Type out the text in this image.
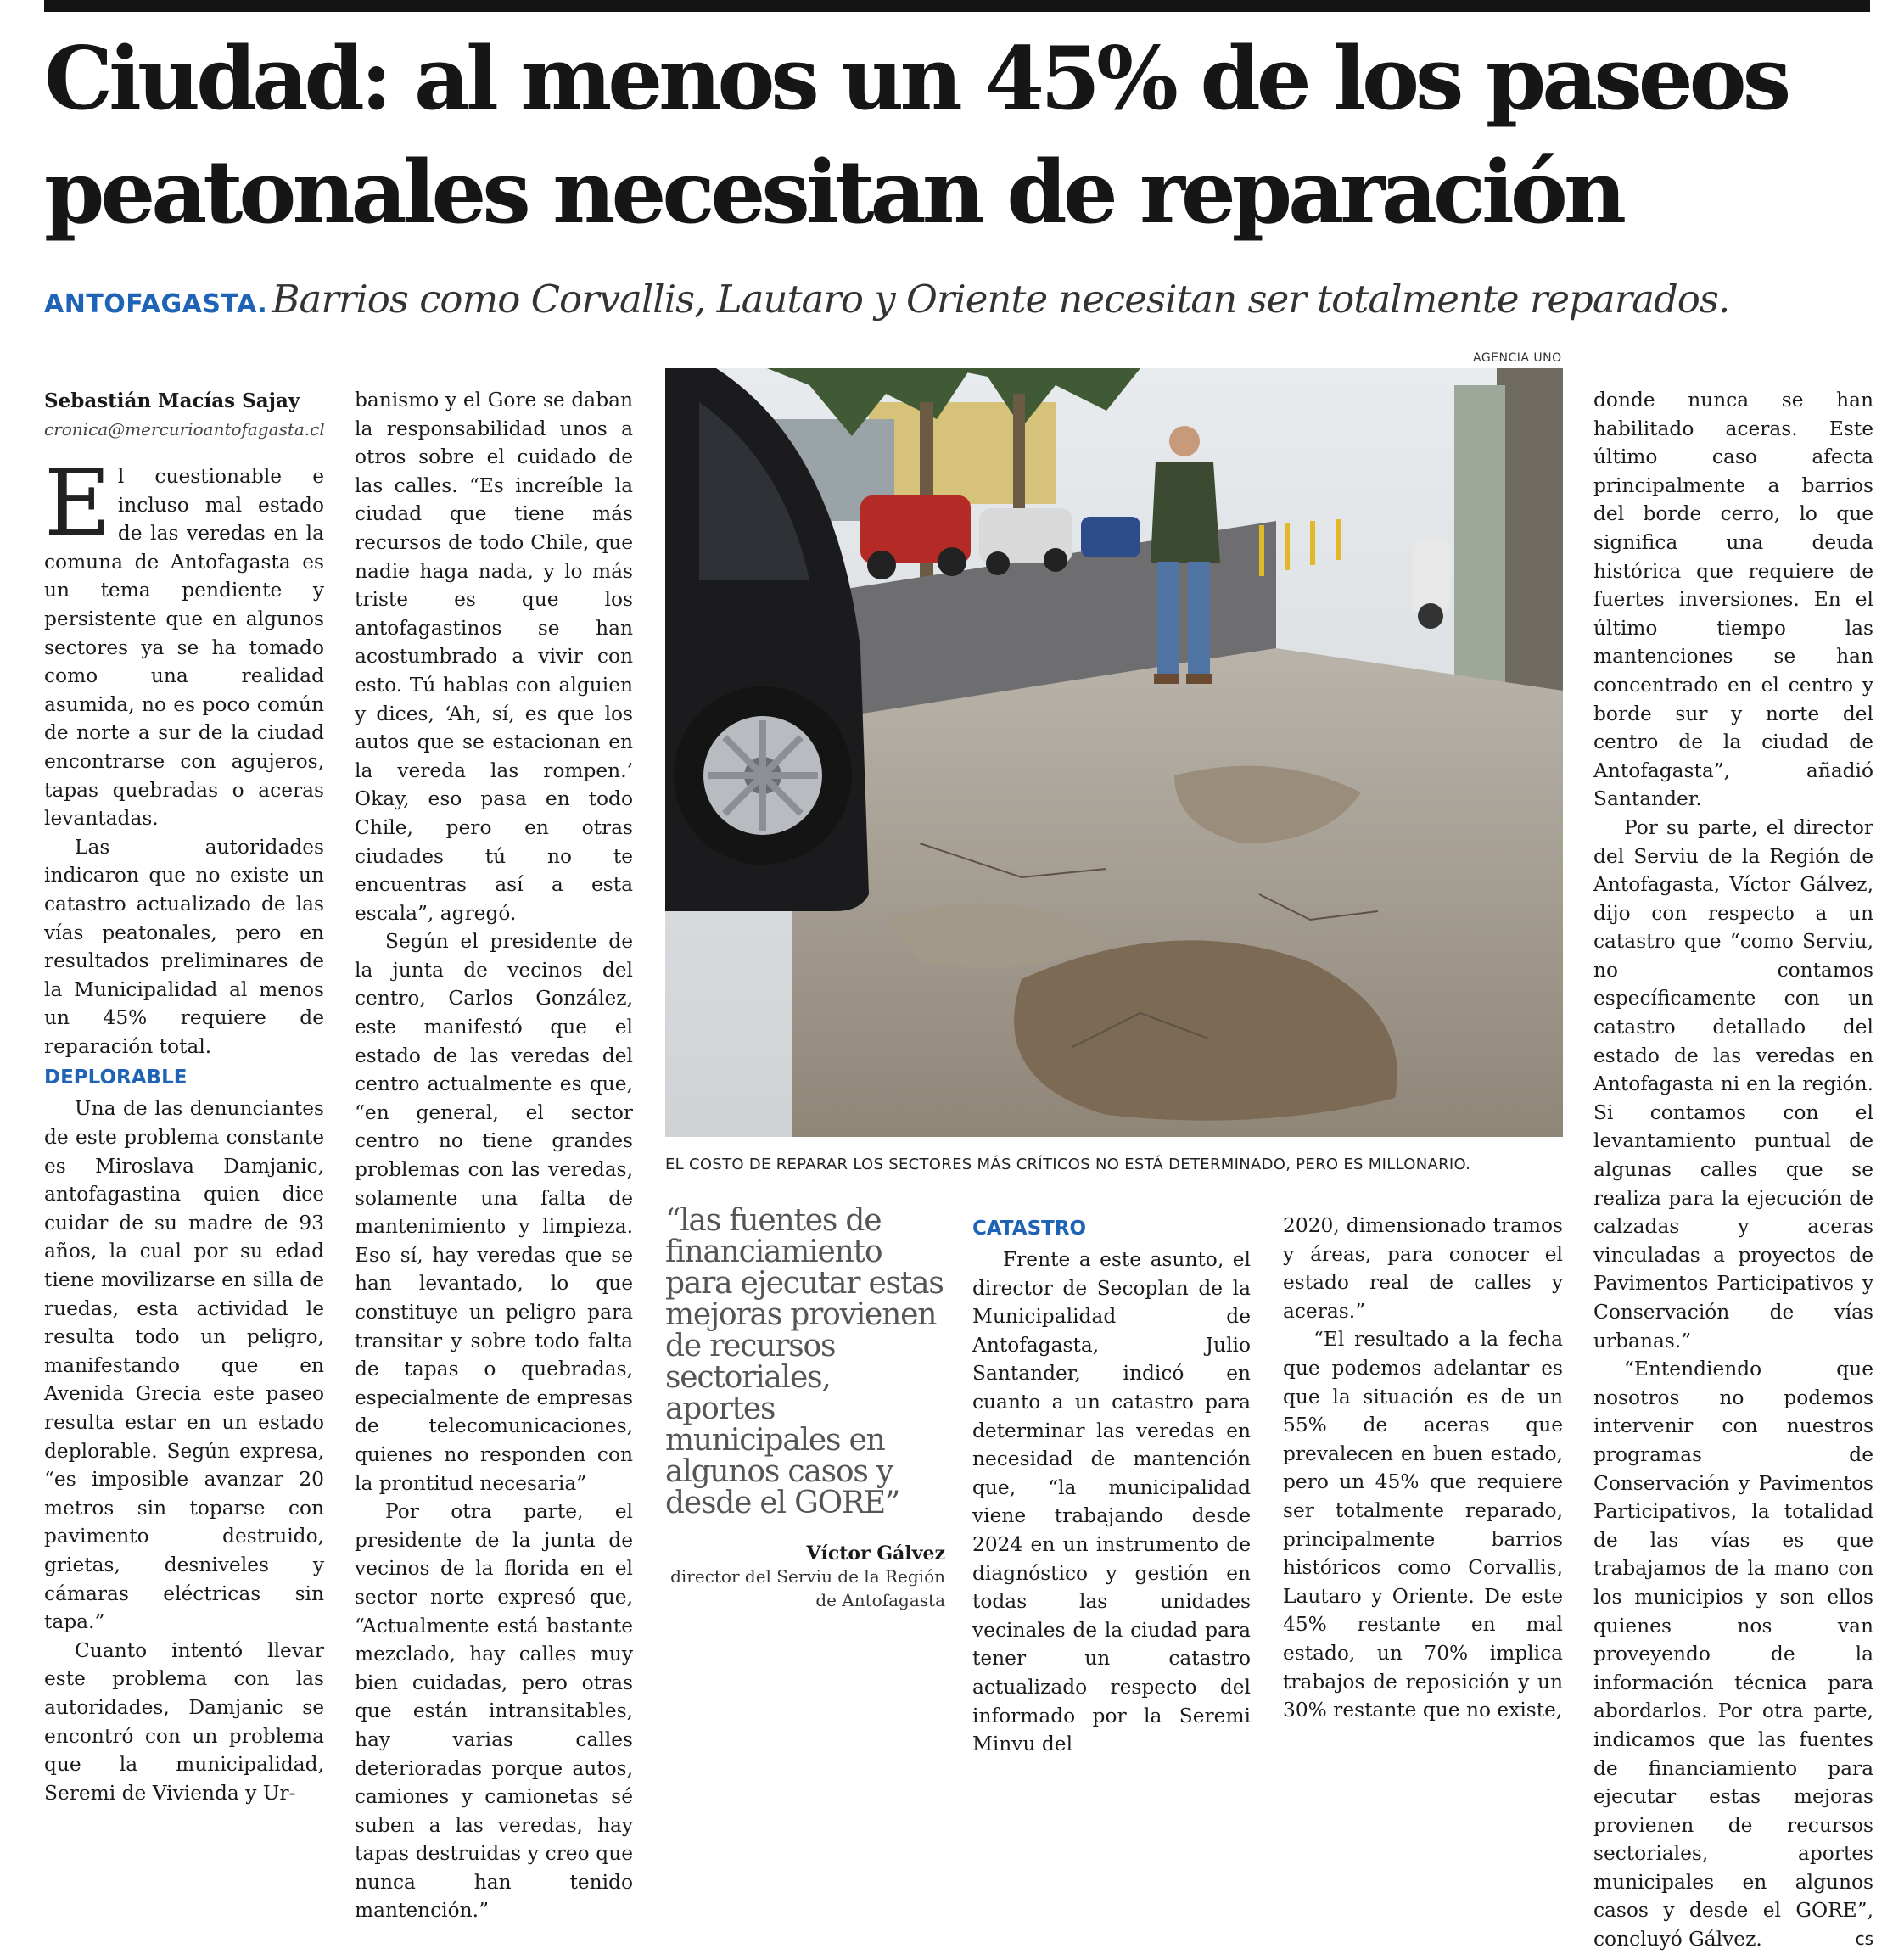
Ciudad: al menos un 45% de los paseos
peatonales necesitan de reparación
ANTOFAGASTA. Barrios como Corvallis, Lautaro y Oriente necesitan ser totalmente reparados.
Sebastián Macías Sajay
cronica@mercurioantofagasta.cl

El cuestionable e incluso mal estado de las veredas en la comuna de Antofagasta es un tema pendiente y persistente que en algunos sectores ya se ha tomado como una realidad asumida, no es poco común de norte a sur de la ciudad encontrarse con agujeros, tapas quebradas o aceras levantadas.

Las autoridades indicaron que no existe un catastro actualizado de las vías peatonales, pero en resultados preliminares de la Municipalidad al menos un 45% requiere de reparación total.

DEPLORABLE

Una de las denunciantes de este problema constante es Miroslava Damjanic, antofagastina quien dice cuidar de su madre de 93 años, la cual por su edad tiene movilizarse en silla de ruedas, esta actividad le resulta todo un peligro, manifestando que en Avenida Grecia este paseo resulta estar en un estado deplorable. Según expresa, “es imposible avanzar 20 metros sin toparse con pavimento destruido, grietas, desniveles y cámaras eléctricas sin tapa.”

Cuanto intentó llevar este problema con las autoridades, Damjanic se encontró con un problema que la municipalidad, Seremi de Vivienda y Ur-

banismo y el Gore se daban la responsabilidad unos a otros sobre el cuidado de las calles. “Es increíble la ciudad que tiene más recursos de todo Chile, que nadie haga nada, y lo más triste es que los antofagastinos se han acostumbrado a vivir con esto. Tú hablas con alguien y dices, ‘Ah, sí, es que los autos que se estacionan en la vereda las rompen.’ Okay, eso pasa en todo Chile, pero en otras ciudades tú no te encuentras así a esta escala”, agregó.

Según el presidente de la junta de vecinos del centro, Carlos González, este manifestó que el estado de las veredas del centro actualmente es que, “en general, el sector centro no tiene grandes problemas con las veredas, solamente una falta de mantenimiento y limpieza. Eso sí, hay veredas que se han levantado, lo que constituye un peligro para transitar y sobre todo falta de tapas o quebradas, especialmente de empresas de telecomunicaciones, quienes no responden con la prontitud necesaria”

Por otra parte, el presidente de la junta de vecinos de la florida en el sector norte expresó que, “Actualmente está bastante mezclado, hay calles muy bien cuidadas, pero otras que están intransitables, hay varias calles deterioradas porque autos, camiones y camionetas sé suben a las veredas, hay tapas destruidas y creo que nunca han tenido mantención.”

AGENCIA UNO
EL COSTO DE REPARAR LOS SECTORES MÁS CRÍTICOS NO ESTÁ DETERMINADO, PERO ES MILLONARIO.

“las fuentes de financiamiento para ejecutar estas mejoras provienen de recursos sectoriales, aportes municipales en algunos casos y desde el GORE”

Víctor Gálvez
director del Serviu de la Región de Antofagasta

CATASTRO

Frente a este asunto, el director de Secoplan de la Municipalidad de Antofagasta, Julio Santander, indicó en cuanto a un catastro para determinar las veredas en necesidad de mantención que, “la municipalidad viene trabajando desde 2024 en un instrumento de diagnóstico y gestión en todas las unidades vecinales de la ciudad para tener un catastro actualizado respecto del informado por la Seremi Minvu del

2020, dimensionado tramos y áreas, para conocer el estado real de calles y aceras.”

“El resultado a la fecha que podemos adelantar es que la situación es de un 55% de aceras que prevalecen en buen estado, pero un 45% que requiere ser totalmente reparado, principalmente barrios históricos como Corvallis, Lautaro y Oriente. De este 45% restante en mal estado, un 70% implica trabajos de reposición y un 30% restante que no existe,

donde nunca se han habilitado aceras. Este último caso afecta principalmente a barrios del borde cerro, lo que significa una deuda histórica que requiere de fuertes inversiones. En el último tiempo las mantenciones se han concentrado en el centro y borde sur y norte del centro de la ciudad de Antofagasta”, añadió Santander.

Por su parte, el director del Serviu de la Región de Antofagasta, Víctor Gálvez, dijo con respecto a un catastro que “como Serviu, no contamos específicamente con un catastro detallado del estado de las veredas en Antofagasta ni en la región. Si contamos con el levantamiento puntual de algunas calles que se realiza para la ejecución de calzadas y aceras vinculadas a proyectos de Pavimentos Participativos y Conservación de vías urbanas.”

“Entendiendo que nosotros no podemos intervenir con nuestros programas de Conservación y Pavimentos Participativos, la totalidad de las vías es que trabajamos de la mano con los municipios y son ellos quienes nos van proveyendo de la información técnica para abordarlos. Por otra parte, indicamos que las fuentes de financiamiento para ejecutar estas mejoras provienen de recursos sectoriales, aportes municipales en algunos casos y desde el GORE”, concluyó Gálvez.	cs
